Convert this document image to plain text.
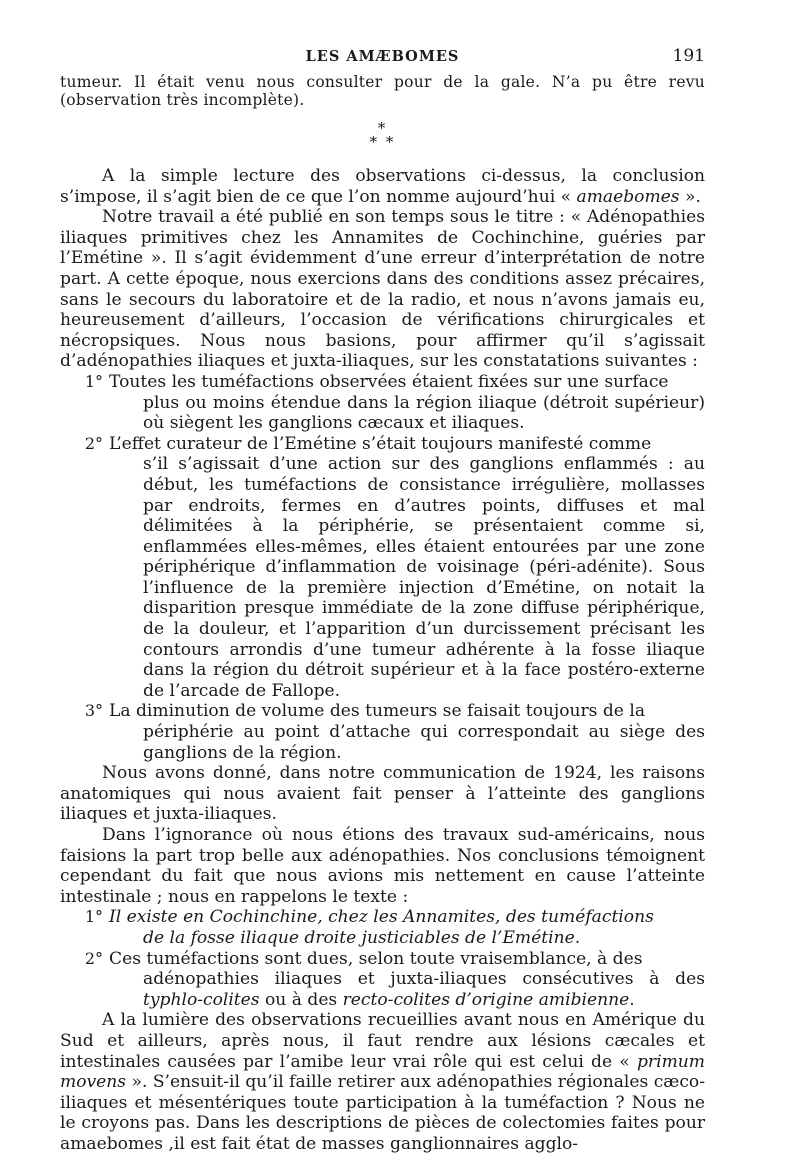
LES AMÆBOMES	191

tumeur. Il était venu nous consulter pour de la gale. N’a pu être revu (observation très incomplète).

*
* *

A la simple lecture des observations ci-dessus, la conclusion s’impose, il s’agit bien de ce que l’on nomme aujourd’hui « amaebomes ».

Notre travail a été publié en son temps sous le titre : « Adénopathies iliaques primitives chez les Annamites de Cochinchine, guéries par l’Emétine ». Il s’agit évidemment d’une erreur d’interprétation de notre part. A cette époque, nous exercions dans des conditions assez précaires, sans le secours du laboratoire et de la radio, et nous n’avons jamais eu, heureusement d’ailleurs, l’occasion de vérifications chirurgicales et nécropsiques. Nous nous basions, pour affirmer qu’il s’agissait d’adénopathies iliaques et juxta-iliaques, sur les constatations suivantes :

1° Toutes les tuméfactions observées étaient fixées sur une surface

plus ou moins étendue dans la région iliaque (détroit supérieur) où siègent les ganglions cæcaux et iliaques.

2° L’effet curateur de l’Emétine s’était toujours manifesté comme

s’il s’agissait d’une action sur des ganglions enflammés : au début, les tuméfactions de consistance irrégulière, mollasses par endroits, fermes en d’autres points, diffuses et mal délimitées à la périphérie, se présentaient comme si, enflammées elles-mêmes, elles étaient entourées par une zone périphérique d’inflammation de voisinage (péri-adénite). Sous l’influence de la première injection d’Emétine, on notait la disparition presque immédiate de la zone diffuse périphérique, de la douleur, et l’apparition d’un durcissement précisant les contours arrondis d’une tumeur adhérente à la fosse iliaque dans la région du détroit supérieur et à la face postéro-externe de l’arcade de Fallope.

3° La diminution de volume des tumeurs se faisait toujours de la

périphérie au point d’attache qui correspondait au siège des ganglions de la région.

Nous avons donné, dans notre communication de 1924, les raisons anatomiques qui nous avaient fait penser à l’atteinte des ganglions iliaques et juxta-iliaques.

Dans l’ignorance où nous étions des travaux sud-américains, nous faisions la part trop belle aux adénopathies. Nos conclusions témoignent cependant du fait que nous avions mis nettement en cause l’atteinte intestinale ; nous en rappelons le texte :

1° Il existe en Cochinchine, chez les Annamites, des tuméfactions

de la fosse iliaque droite justiciables de l’Emétine.

2° Ces tuméfactions sont dues, selon toute vraisemblance, à des

adénopathies iliaques et juxta-iliaques consécutives à des typhlo-colites ou à des recto-colites d’origine amibienne.

A la lumière des observations recueillies avant nous en Amérique du Sud et ailleurs, après nous, il faut rendre aux lésions cæcales et intestinales causées par l’amibe leur vrai rôle qui est celui de « primum movens ». S’ensuit-il qu’il faille retirer aux adénopathies régionales cæco-iliaques et mésentériques toute participation à la tuméfaction ? Nous ne le croyons pas. Dans les descriptions de pièces de colectomies faites pour amaebomes ,il est fait état de masses ganglionnaires agglo-
